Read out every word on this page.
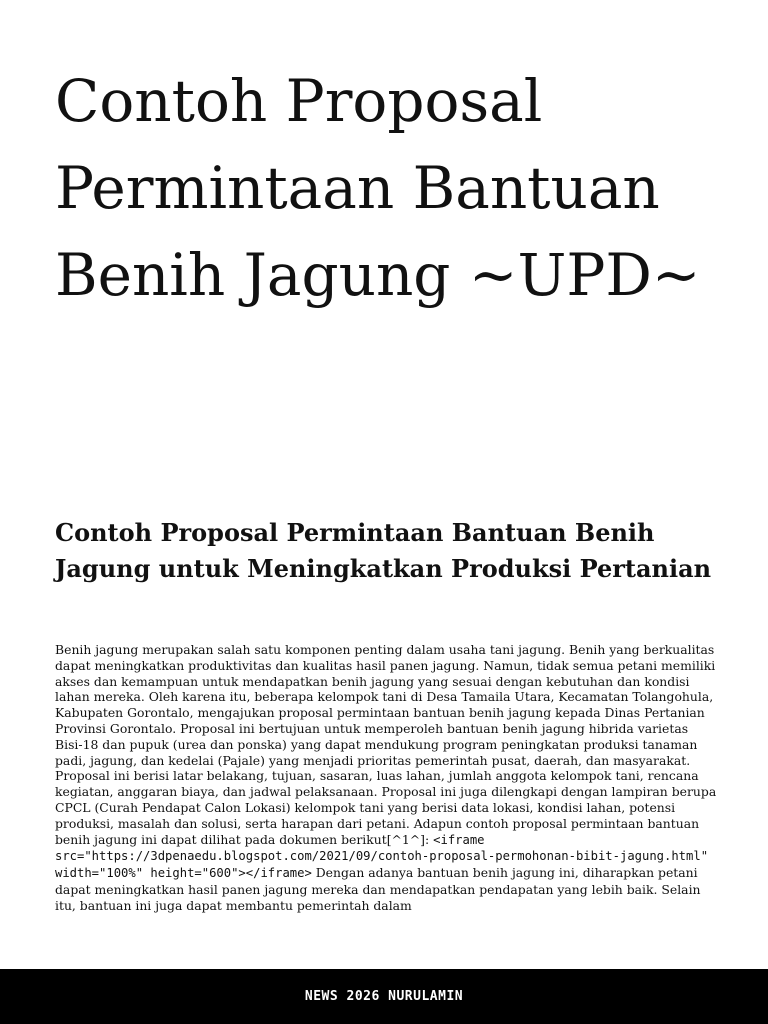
Contoh Proposal Permintaan Bantuan Benih Jagung ~UPD~
Contoh Proposal Permintaan Bantuan Benih Jagung untuk Meningkatkan Produksi Pertanian

Benih jagung merupakan salah satu komponen penting dalam usaha tani jagung. Benih yang berkualitas dapat meningkatkan produktivitas dan kualitas hasil panen jagung. Namun, tidak semua petani memiliki akses dan kemampuan untuk mendapatkan benih jagung yang sesuai dengan kebutuhan dan kondisi lahan mereka. Oleh karena itu, beberapa kelompok tani di Desa Tamaila Utara, Kecamatan Tolangohula, Kabupaten Gorontalo, mengajukan proposal permintaan bantuan benih jagung kepada Dinas Pertanian Provinsi Gorontalo. Proposal ini bertujuan untuk memperoleh bantuan benih jagung hibrida varietas Bisi-18 dan pupuk (urea dan ponska) yang dapat mendukung program peningkatan produksi tanaman padi, jagung, dan kedelai (Pajale) yang menjadi prioritas pemerintah pusat, daerah, dan masyarakat. Proposal ini berisi latar belakang, tujuan, sasaran, luas lahan, jumlah anggota kelompok tani, rencana kegiatan, anggaran biaya, dan jadwal pelaksanaan. Proposal ini juga dilengkapi dengan lampiran berupa CPCL (Curah Pendapat Calon Lokasi) kelompok tani yang berisi data lokasi, kondisi lahan, potensi produksi, masalah dan solusi, serta harapan dari petani. Adapun contoh proposal permintaan bantuan benih jagung ini dapat dilihat pada dokumen berikut[^1^]: <iframe src="https://3dpenaedu.blogspot.com/2021/09/contoh-proposal-permohonan-bibit-jagung.html" width="100%" height="600"></iframe> Dengan adanya bantuan benih jagung ini, diharapkan petani dapat meningkatkan hasil panen jagung mereka dan mendapatkan pendapatan yang lebih baik. Selain itu, bantuan ini juga dapat membantu pemerintah dalam

NEWS 2026 NURULAMIN
